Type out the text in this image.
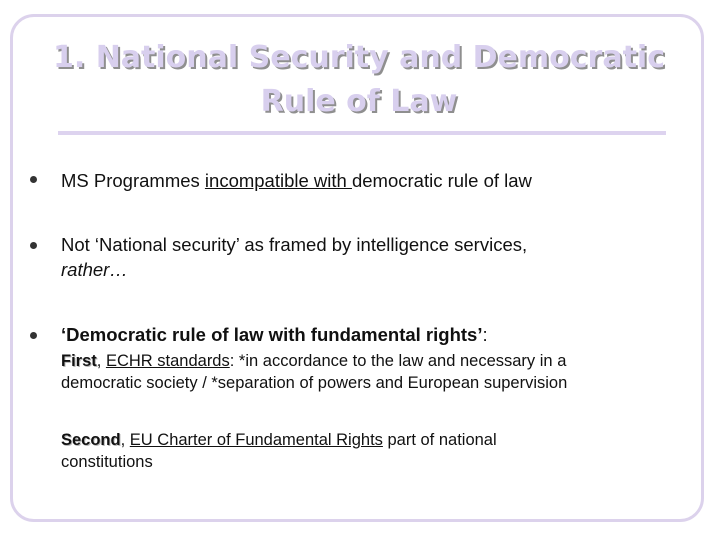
1. National Security and Democratic
Rule of Law
MS Programmes incompatible with democratic rule of law
Not ‘National security’ as framed by intelligence services,
rather…
‘Democratic rule of law with fundamental rights’:
First, ECHR standards: *in accordance to the law and necessary in a
democratic society / *separation of powers and European supervision
Second, EU Charter of Fundamental Rights part of national
constitutions
